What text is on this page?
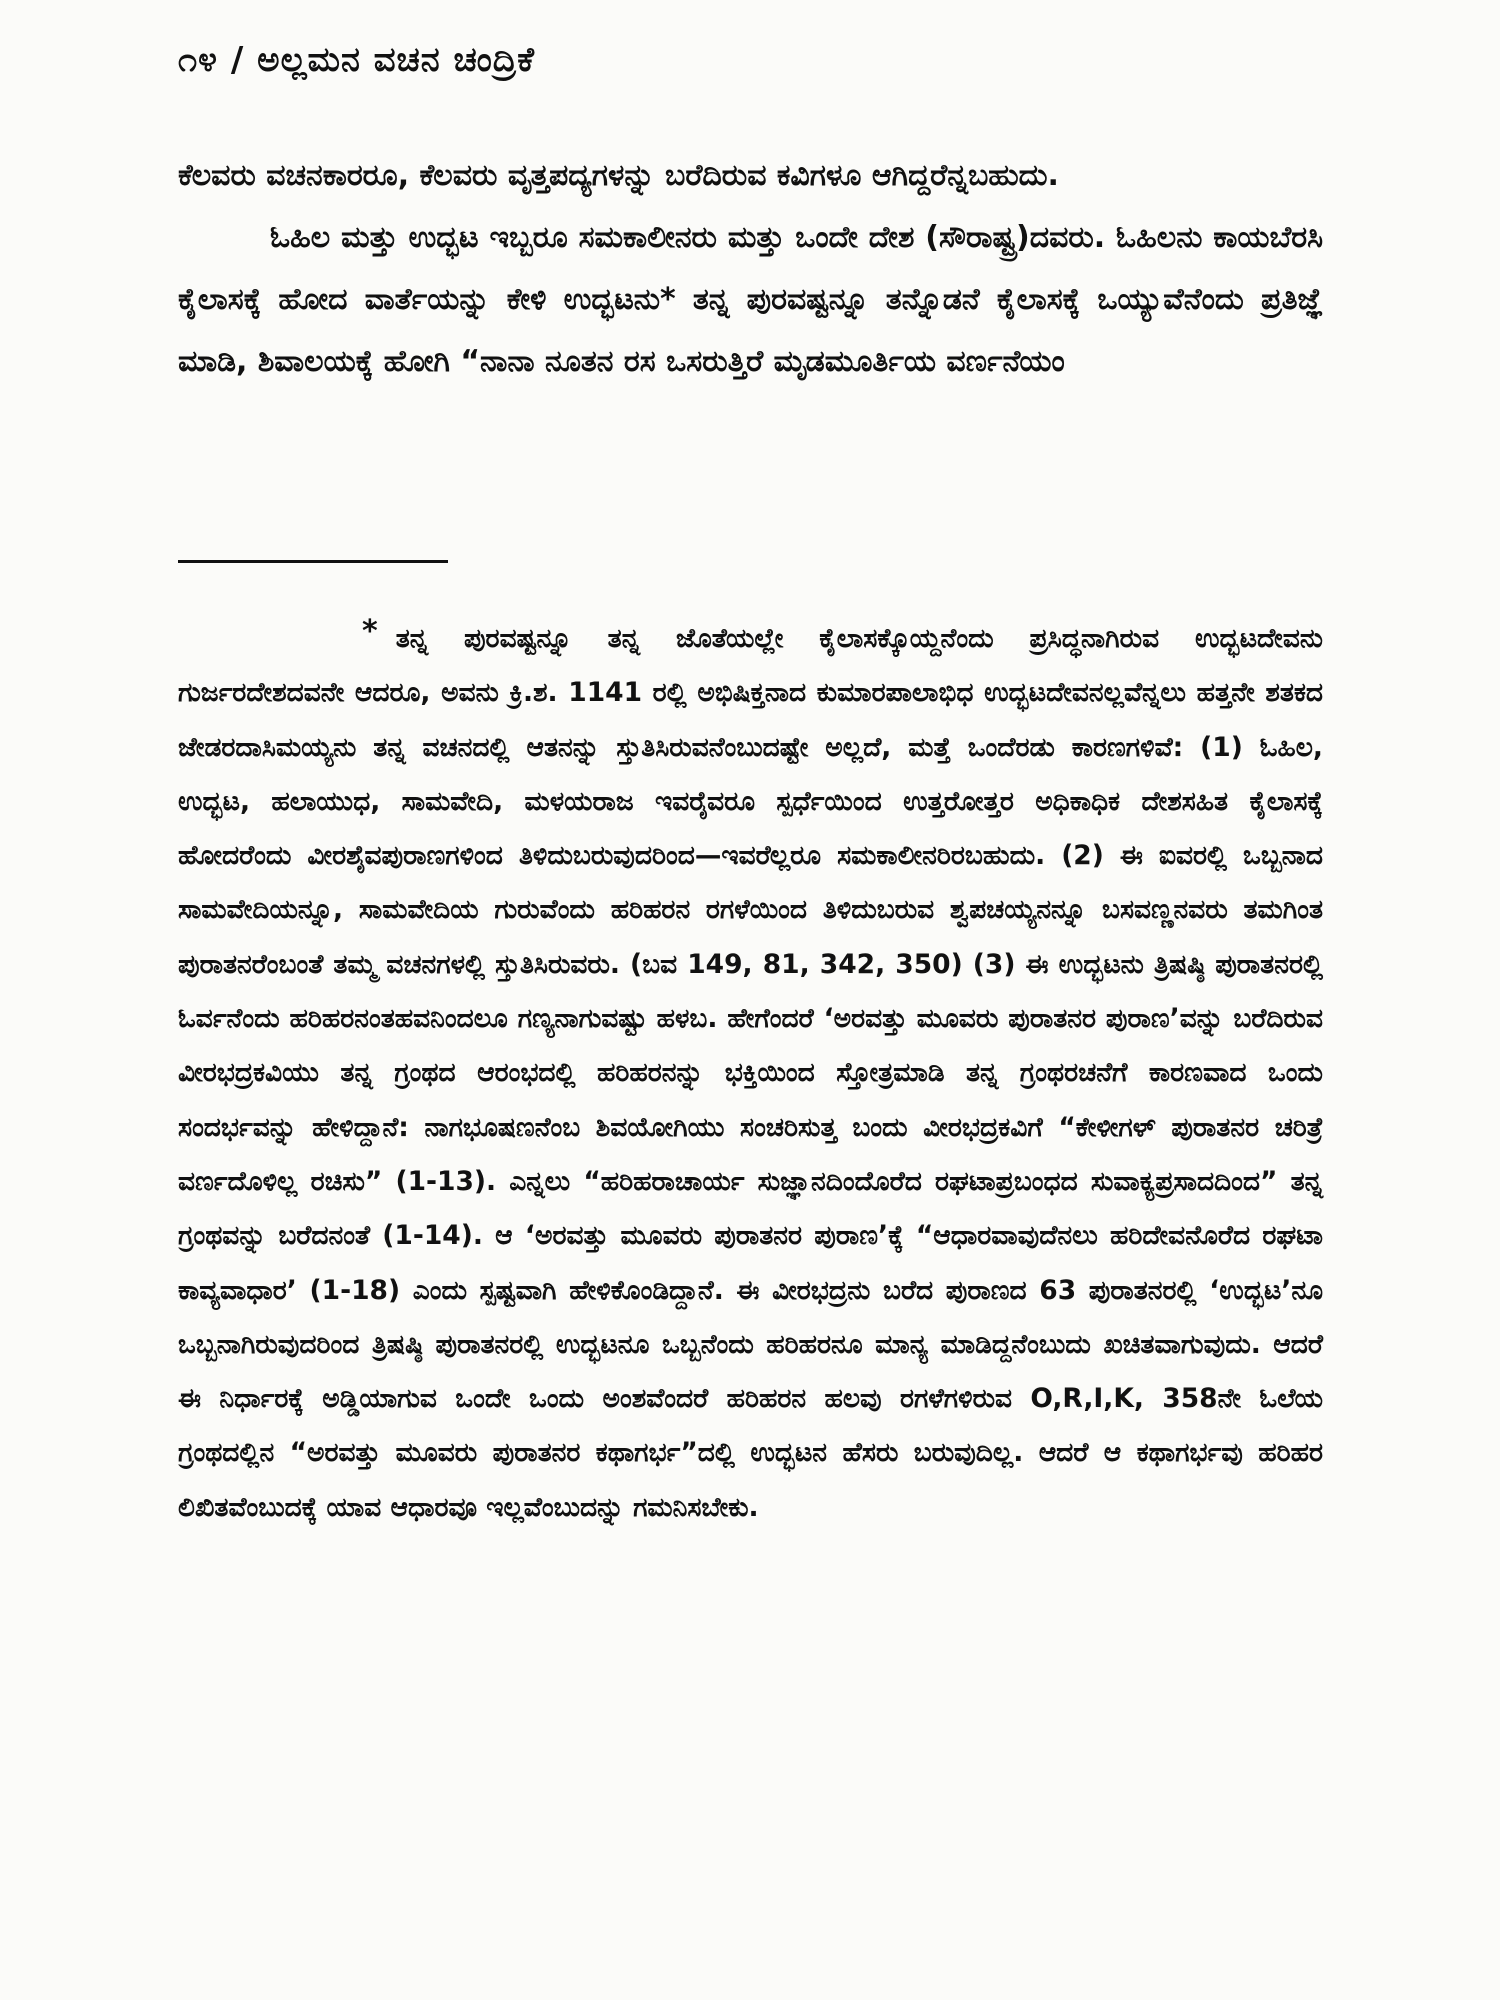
೧೪ / ಅಲ್ಲಮನ ವಚನ ಚಂದ್ರಿಕೆ

ಕೆಲವರು ವಚನಕಾರರೂ, ಕೆಲವರು ವೃತ್ತಪದ್ಯಗಳನ್ನು ಬರೆದಿರುವ ಕವಿಗಳೂ ಆಗಿದ್ದರೆನ್ನಬಹುದು.

ಓಹಿಲ ಮತ್ತು ಉದ್ಭಟ ಇಬ್ಬರೂ ಸಮಕಾಲೀನರು ಮತ್ತು ಒಂದೇ ದೇಶ (ಸೌರಾಷ್ಟ್ರ)ದವರು. ಓಹಿಲನು ಕಾಯಬೆರಸಿ ಕೈಲಾಸಕ್ಕೆ ಹೋದ ವಾರ್ತೆಯನ್ನು ಕೇಳಿ ಉದ್ಭಟನು* ತನ್ನ ಪುರವಷ್ಟನ್ನೂ ತನ್ನೊಡನೆ ಕೈಲಾಸಕ್ಕೆ ಒಯ್ಯುವೆನೆಂದು ಪ್ರತಿಜ್ಞೆ ಮಾಡಿ, ಶಿವಾಲಯಕ್ಕೆ ಹೋಗಿ “ನಾನಾ ನೂತನ ರಸ ಒಸರುತ್ತಿರೆ ಮೃಡಮೂರ್ತಿಯ ವರ್ಣನೆಯಂ

* ತನ್ನ ಪುರವಷ್ಟನ್ನೂ ತನ್ನ ಜೊತೆಯಲ್ಲೇ ಕೈಲಾಸಕ್ಕೊಯ್ದನೆಂದು ಪ್ರಸಿದ್ಧನಾಗಿರುವ ಉದ್ಭಟದೇವನು ಗುರ್ಜರದೇಶದವನೇ ಆದರೂ, ಅವನು ಕ್ರಿ.ಶ. 1141 ರಲ್ಲಿ ಅಭಿಷಿಕ್ತನಾದ ಕುಮಾರಪಾಲಾಭಿಧ ಉದ್ಭಟದೇವನಲ್ಲವೆನ್ನಲು ಹತ್ತನೇ ಶತಕದ ಜೇಡರದಾಸಿಮಯ್ಯನು ತನ್ನ ವಚನದಲ್ಲಿ ಆತನನ್ನು ಸ್ತುತಿಸಿರುವನೆಂಬುದಷ್ಟೇ ಅಲ್ಲದೆ, ಮತ್ತೆ ಒಂದೆರಡು ಕಾರಣಗಳಿವೆ: (1) ಓಹಿಲ, ಉದ್ಭಟ, ಹಲಾಯುಧ, ಸಾಮವೇದಿ, ಮಳಯರಾಜ ಇವರೈವರೂ ಸ್ಪರ್ಧೆಯಿಂದ ಉತ್ತರೋತ್ತರ ಅಧಿಕಾಧಿಕ ದೇಶಸಹಿತ ಕೈಲಾಸಕ್ಕೆ ಹೋದರೆಂದು ವೀರಶೈವಪುರಾಣಗಳಿಂದ ತಿಳಿದುಬರುವುದರಿಂದ—ಇವರೆಲ್ಲರೂ ಸಮಕಾಲೀನರಿರಬಹುದು. (2) ಈ ಐವರಲ್ಲಿ ಒಬ್ಬನಾದ ಸಾಮವೇದಿಯನ್ನೂ, ಸಾಮವೇದಿಯ ಗುರುವೆಂದು ಹರಿಹರನ ರಗಳೆಯಿಂದ ತಿಳಿದುಬರುವ ಶ್ವಪಚಯ್ಯನನ್ನೂ ಬಸವಣ್ಣನವರು ತಮಗಿಂತ ಪುರಾತನರೆಂಬಂತೆ ತಮ್ಮ ವಚನಗಳಲ್ಲಿ ಸ್ತುತಿಸಿರುವರು. (ಬವ 149, 81, 342, 350) (3) ಈ ಉದ್ಭಟನು ತ್ರಿಷಷ್ಠಿ ಪುರಾತನರಲ್ಲಿ ಓರ್ವನೆಂದು ಹರಿಹರನಂತಹವನಿಂದಲೂ ಗಣ್ಯನಾಗುವಷ್ಟು ಹಳಬ. ಹೇಗೆಂದರೆ ‘ಅರವತ್ತು ಮೂವರು ಪುರಾತನರ ಪುರಾಣ’ವನ್ನು ಬರೆದಿರುವ ವೀರಭದ್ರಕವಿಯು ತನ್ನ ಗ್ರಂಥದ ಆರಂಭದಲ್ಲಿ ಹರಿಹರನನ್ನು ಭಕ್ತಿಯಿಂದ ಸ್ತೋತ್ರಮಾಡಿ ತನ್ನ ಗ್ರಂಥರಚನೆಗೆ ಕಾರಣವಾದ ಒಂದು ಸಂದರ್ಭವನ್ನು ಹೇಳಿದ್ದಾನೆ: ನಾಗಭೂಷಣನೆಂಬ ಶಿವಯೋಗಿಯು ಸಂಚರಿಸುತ್ತ ಬಂದು ವೀರಭದ್ರಕವಿಗೆ “ಕೇಳೀಗಳ್ ಪುರಾತನರ ಚರಿತ್ರೆ ವರ್ಣದೊಳಿಲ್ಲ ರಚಿಸು” (1-13). ಎನ್ನಲು “ಹರಿಹರಾಚಾರ್ಯ ಸುಜ್ಞಾನದಿಂದೊರೆದ ರಘಟಾಪ್ರಬಂಧದ ಸುವಾಕ್ಯಪ್ರಸಾದದಿಂದ” ತನ್ನ ಗ್ರಂಥವನ್ನು ಬರೆದನಂತೆ (1-14). ಆ ‘ಅರವತ್ತು ಮೂವರು ಪುರಾತನರ ಪುರಾಣ’ಕ್ಕೆ “ಆಧಾರವಾವುದೆನಲು ಹರಿದೇವನೊರೆದ ರಘಟಾ ಕಾವ್ಯವಾಧಾರ’ (1-18) ಎಂದು ಸ್ಪಷ್ಟವಾಗಿ ಹೇಳಿಕೊಂಡಿದ್ದಾನೆ. ಈ ವೀರಭದ್ರನು ಬರೆದ ಪುರಾಣದ 63 ಪುರಾತನರಲ್ಲಿ ‘ಉದ್ಭಟ’ನೂ ಒಬ್ಬನಾಗಿರುವುದರಿಂದ ತ್ರಿಷಷ್ಠಿ ಪುರಾತನರಲ್ಲಿ ಉದ್ಭಟನೂ ಒಬ್ಬನೆಂದು ಹರಿಹರನೂ ಮಾನ್ಯ ಮಾಡಿದ್ದನೆಂಬುದು ಖಚಿತವಾಗುವುದು. ಆದರೆ ಈ ನಿರ್ಧಾರಕ್ಕೆ ಅಡ್ಡಿಯಾಗುವ ಒಂದೇ ಒಂದು ಅಂಶವೆಂದರೆ ಹರಿಹರನ ಹಲವು ರಗಳೆಗಳಿರುವ O,R,I,K, 358ನೇ ಓಲೆಯ ಗ್ರಂಥದಲ್ಲಿನ “ಅರವತ್ತು ಮೂವರು ಪುರಾತನರ ಕಥಾಗರ್ಭ”ದಲ್ಲಿ ಉದ್ಭಟನ ಹೆಸರು ಬರುವುದಿಲ್ಲ. ಆದರೆ ಆ ಕಥಾಗರ್ಭವು ಹರಿಹರ ಲಿಖಿತವೆಂಬುದಕ್ಕೆ ಯಾವ ಆಧಾರವೂ ಇಲ್ಲವೆಂಬುದನ್ನು ಗಮನಿಸಬೇಕು.
